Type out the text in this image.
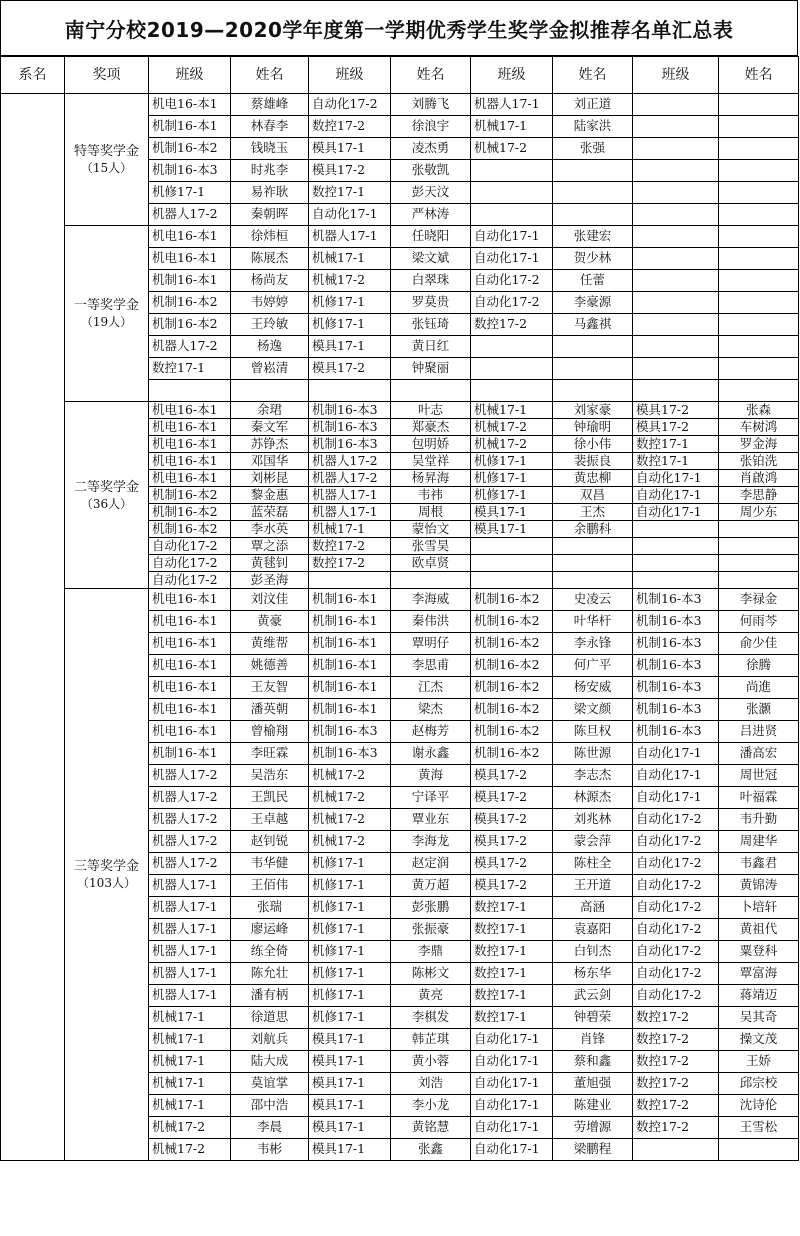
南宁分校2019—2020学年度第一学期优秀学生奖学金拟推荐名单汇总表
系名	奖项	班级	姓名	班级	姓名	班级	姓名	班级	姓名

	特等奖学金
（15人）	机电16-本1	蔡雄峰	自动化17-2	刘腾飞	机器人17-1	刘正道		
		机制16-本1	林春李	数控17-2	徐浪宇	机械17-1	陆家洪		
		机制16-本2	钱晓玉	模具17-1	凌杰勇	机械17-2	张强		
		机制16-本3	时兆李	模具17-2	张敬凯				
		机修17-1	易祚耿	数控17-1	彭天汶				
		机器人17-2	秦朝晖	自动化17-1	严林涛				

	一等奖学金
（19人）	机电16-本1	徐炜桓	机器人17-1	任晓阳	自动化17-1	张建宏		
		机电16-本1	陈展杰	机械17-1	梁文斌	自动化17-1	贺少林		
		机制16-本1	杨尚友	机械17-2	白翠珠	自动化17-2	任蕾		
		机制16-本2	韦婷婷	机修17-1	罗莫贵	自动化17-2	李豪源		
		机制16-本2	王玲敏	机修17-1	张钰琦	数控17-2	马鑫祺		
		机器人17-2	杨逸	模具17-1	黄日红				
		数控17-1	曾崧清	模具17-2	钟聚丽				

	二等奖学金
（36人）	机电16-本1	余珺	机制16-本3	叶志	机械17-1	刘家豪	模具17-2	张森
		机电16-本1	秦文军	机制16-本3	郑豪杰	机械17-2	钟瑜明	模具17-2	车树鸿
		机电16-本1	苏铮杰	机制16-本3	包明娇	机械17-2	徐小伟	数控17-1	罗金海
		机电16-本1	邓国华	机器人17-2	吴堂祥	机修17-1	裴振良	数控17-1	张铂洗
		机电16-本1	刘彬昆	机器人17-2	杨昇海	机修17-1	黄忠柳	自动化17-1	肖啟鸿
		机制16-本2	黎金惠	机器人17-1	韦祎	机修17-1	双昌	自动化17-1	李思静
		机制16-本2	蓝荣磊	机器人17-1	周根	模具17-1	王杰	自动化17-1	周少东
		机制16-本2	李水英	机械17-1	蒙怡文	模具17-1	余鹏科		
		自动化17-2	覃之添	数控17-2	张雪昊				
		自动化17-2	黄毬钊	数控17-2	欧卓贤				
		自动化17-2	彭圣海						

	三等奖学金
（103人）	机电16-本1	刘汶佳	机制16-本1	李海威	机制16-本2	史凌云	机制16-本3	李禄金
		机电16-本1	黄豪	机制16-本1	秦伟洪	机制16-本2	叶华杆	机制16-本3	何雨芩
		机电16-本1	黄维帮	机制16-本1	覃明仔	机制16-本2	李永锋	机制16-本3	俞少佳
		机电16-本1	姚德善	机制16-本1	李思甫	机制16-本2	何广平	机制16-本3	徐腾
		机电16-本1	王友智	机制16-本1	江杰	机制16-本2	杨安威	机制16-本3	尚進
		机电16-本1	潘英朝	机制16-本1	梁杰	机制16-本2	梁文颜	机制16-本3	张灏
		机电16-本1	曾榆翔	机制16-本3	赵梅芳	机制16-本2	陈旦权	机制16-本3	吕进贤
		机制16-本1	李旺霖	机制16-本3	谢永鑫	机制16-本2	陈世源	自动化17-1	潘高宏
		机器人17-2	吴浩东	机械17-2	黄海	模具17-2	李志杰	自动化17-1	周世冠
		机器人17-2	王凯民	机械17-2	宁译平	模具17-2	林源杰	自动化17-1	叶福霖
		机器人17-2	王卓越	机械17-2	覃业东	模具17-2	刘兆林	自动化17-2	韦升勤
		机器人17-2	赵钊锐	机械17-2	李海龙	模具17-2	蒙会萍	自动化17-2	周建华
		机器人17-2	韦华健	机修17-1	赵定润	模具17-2	陈柱全	自动化17-2	韦鑫君
		机器人17-1	王佰伟	机修17-1	黄万超	模具17-2	王开道	自动化17-2	黄锦涛
		机器人17-1	张瑞	机修17-1	彭张鹏	数控17-1	高涵	自动化17-2	卜培轩
		机器人17-1	廖运峰	机修17-1	张振豪	数控17-1	袁嘉阳	自动化17-2	黄祖代
		机器人17-1	练全倚	机修17-1	李鼎	数控17-1	白钊杰	自动化17-2	粟登科
		机器人17-1	陈允壮	机修17-1	陈彬文	数控17-1	杨东华	自动化17-2	覃富海
		机器人17-1	潘有柄	机修17-1	黄亮	数控17-1	武云剑	自动化17-2	蒋靖迈
		机械17-1	徐道思	机修17-1	李棋发	数控17-1	钟碧荣	数控17-2	吴其奇
		机械17-1	刘航兵	模具17-1	韩芷琪	自动化17-1	肖锋	数控17-2	操文茂
		机械17-1	陆大成	模具17-1	黄小蓉	自动化17-1	蔡和鑫	数控17-2	王娇
		机械17-1	莫谊掌	模具17-1	刘浩	自动化17-1	董旭强	数控17-2	邱宗校
		机械17-1	邵中浩	模具17-1	李小龙	自动化17-1	陈建业	数控17-2	沈诗伦
		机械17-2	李晨	模具17-1	黄铭慧	自动化17-1	劳增源	数控17-2	王雪松
		机械17-2	韦彬	模具17-1	张鑫	自动化17-1	梁鹏程		
